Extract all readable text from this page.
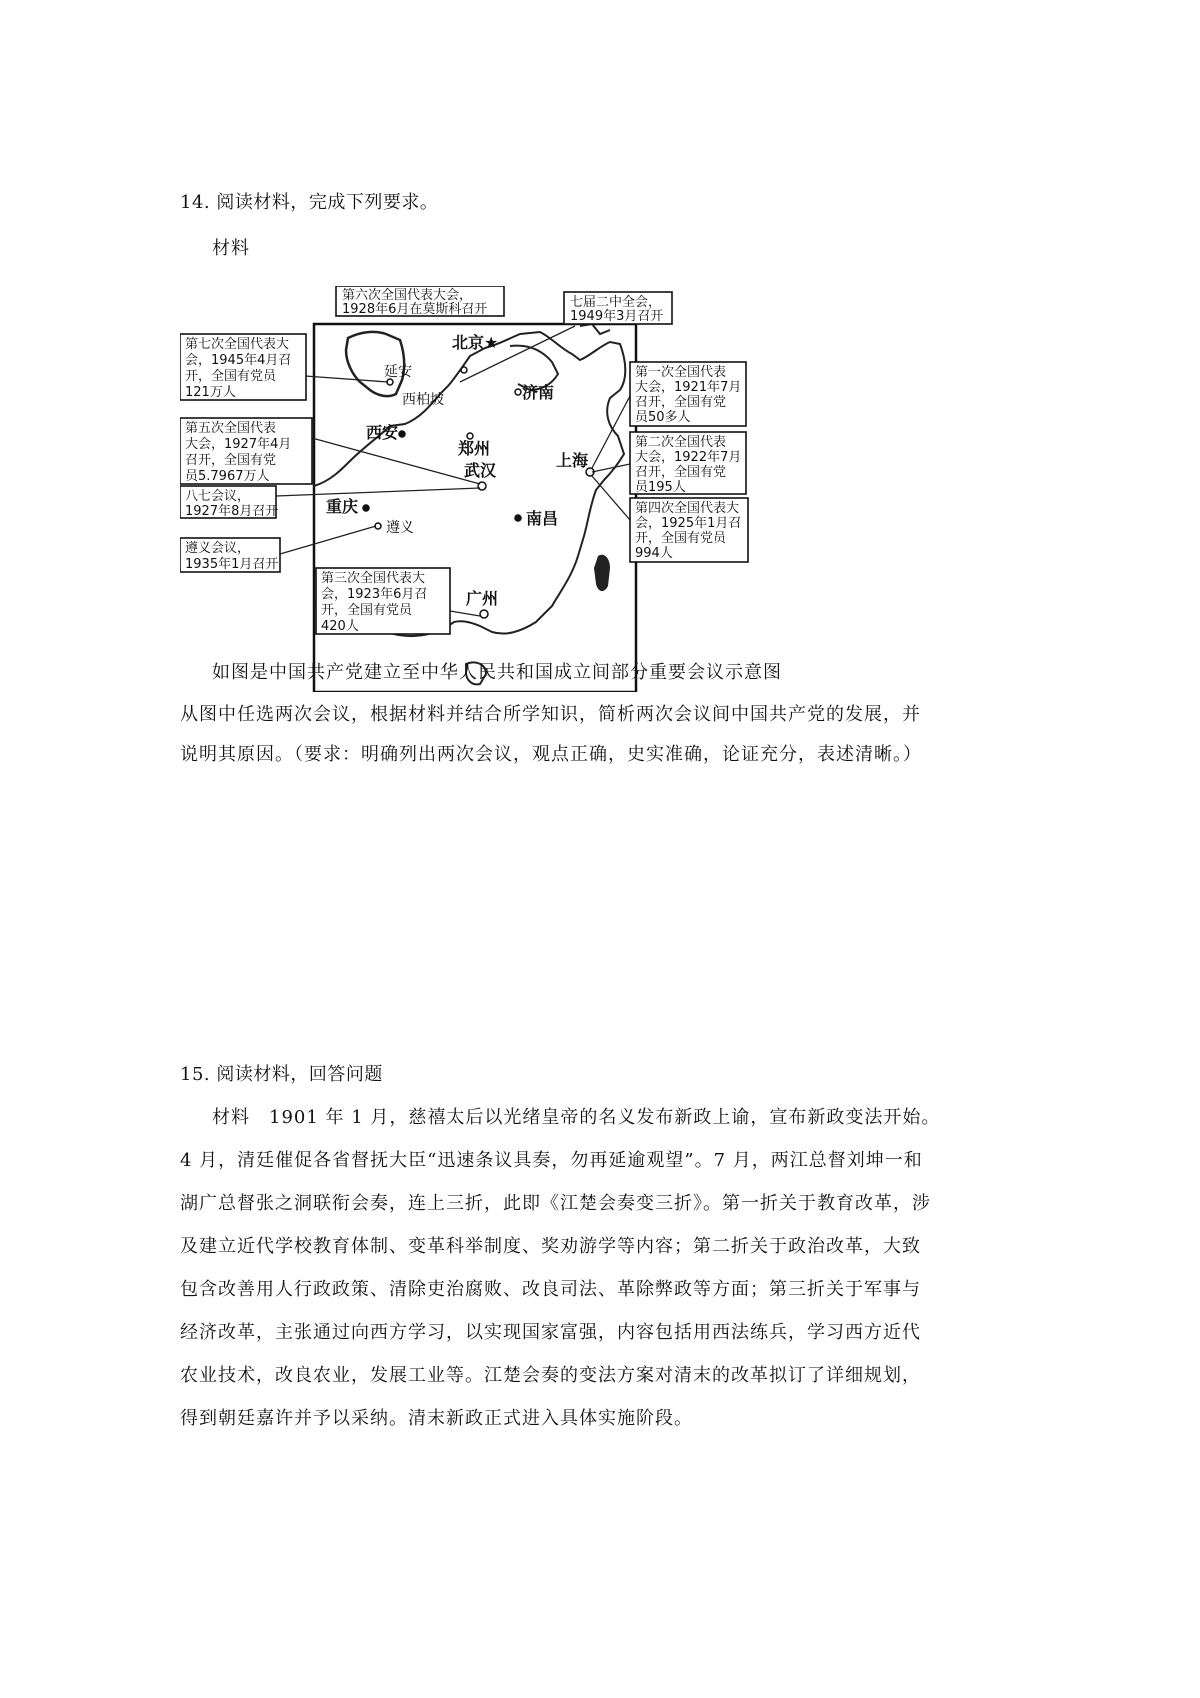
14. 阅读材料，完成下列要求。
材料
北京★
西柏坡
延安
济南
西安
郑州
武汉
上海
重庆
遵义	南昌
广州
第六次全国代表大会，
1928年6月在莫斯科召开	七届二中全会，
1949年3月召开
第七次全国代表大
会，1945年4月召
开，全国有党员
121万人
第五次全国代表
大会，1927年4月
召开，全国有党
员5.7967万人
八七会议，
1927年8月召开
遵义会议，
1935年1月召开
第三次全国代表大
会，1923年6月召
开，全国有党员
420人
第一次全国代表
大会，1921年7月
召开，全国有党
员50多人
第二次全国代表
大会，1922年7月
召开，全国有党
员195人
第四次全国代表大
会，1925年1月召
开，全国有党员
994人
如图是中国共产党建立至中华人民共和国成立间部分重要会议示意图
从图中任选两次会议，根据材料并结合所学知识，简析两次会议间中国共产党的发展，并
说明其原因。（要求：明确列出两次会议，观点正确，史实准确，论证充分，表述清晰。）
15. 阅读材料，回答问题
材料　1901 年 1 月，慈禧太后以光绪皇帝的名义发布新政上谕，宣布新政变法开始。
4 月，清廷催促各省督抚大臣“迅速条议具奏，勿再延逾观望”。7 月，两江总督刘坤一和
湖广总督张之洞联衔会奏，连上三折，此即《江楚会奏变三折》。第一折关于教育改革，涉
及建立近代学校教育体制、变革科举制度、奖劝游学等内容；第二折关于政治改革，大致
包含改善用人行政政策、清除吏治腐败、改良司法、革除弊政等方面；第三折关于军事与
经济改革，主张通过向西方学习，以实现国家富强，内容包括用西法练兵，学习西方近代
农业技术，改良农业，发展工业等。江楚会奏的变法方案对清末的改革拟订了详细规划，
得到朝廷嘉许并予以采纳。清末新政正式进入具体实施阶段。
